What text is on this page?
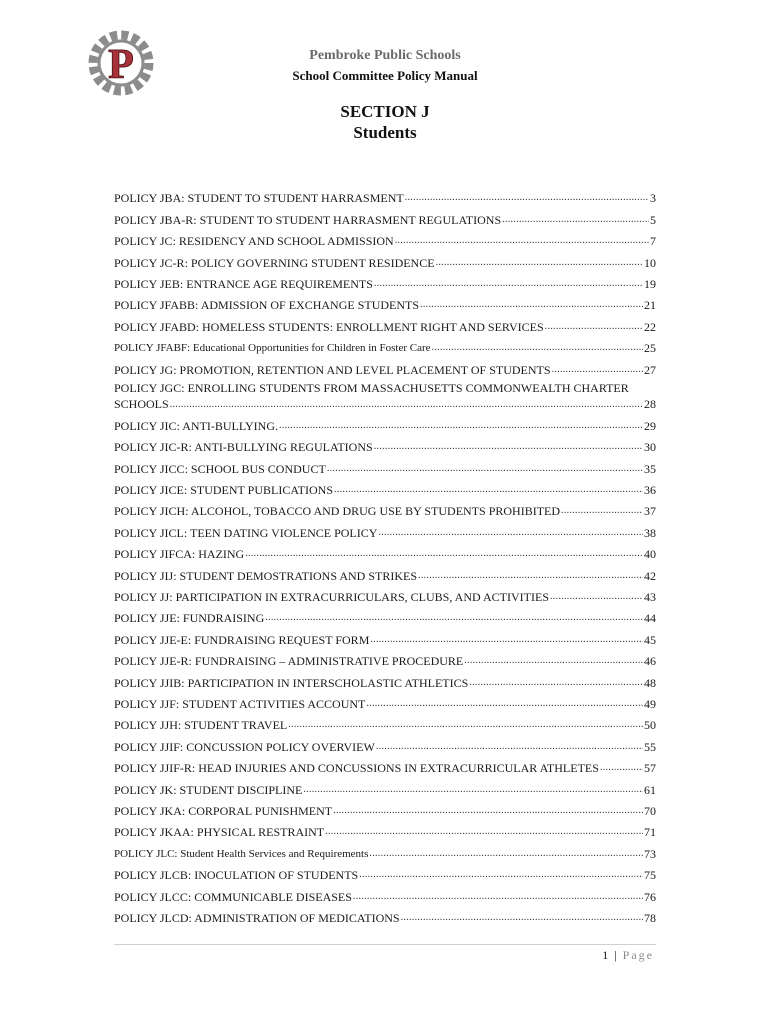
P	Pembroke Public Schools
School Committee Policy Manual
SECTION J
Students
POLICY JBA: STUDENT TO STUDENT HARRASMENT .....	3
POLICY JBA-R: STUDENT TO STUDENT HARRASMENT REGULATIONS .....	5
POLICY JC: RESIDENCY AND SCHOOL ADMISSION .....	7
POLICY JC-R: POLICY GOVERNING STUDENT RESIDENCE .....	10
POLICY JEB: ENTRANCE AGE REQUIREMENTS .....	19
POLICY JFABB: ADMISSION OF EXCHANGE STUDENTS .....	21
POLICY JFABD: HOMELESS STUDENTS: ENROLLMENT RIGHT AND SERVICES .....	22
POLICY JFABF: Educational Opportunities for Children in Foster Care .....	25
POLICY JG: PROMOTION, RETENTION AND LEVEL PLACEMENT OF STUDENTS .....	27
POLICY JGC: ENROLLING STUDENTS FROM MASSACHUSETTS COMMONWEALTH CHARTER
SCHOOLS .....	28
POLICY JIC: ANTI-BULLYING. .....	29
POLICY JIC-R: ANTI-BULLYING REGULATIONS .....	30
POLICY JICC: SCHOOL BUS CONDUCT .....	35
POLICY JICE: STUDENT PUBLICATIONS .....	36
POLICY JICH: ALCOHOL, TOBACCO AND DRUG USE BY STUDENTS PROHIBITED .....	37
POLICY JICL: TEEN DATING VIOLENCE POLICY .....	38
POLICY JIFCA: HAZING .....	40
POLICY JIJ: STUDENT DEMOSTRATIONS AND STRIKES .....	42
POLICY JJ: PARTICIPATION IN EXTRACURRICULARS, CLUBS, AND ACTIVITIES .....	43
POLICY JJE: FUNDRAISING .....	44
POLICY JJE-E: FUNDRAISING REQUEST FORM .....	45
POLICY JJE-R: FUNDRAISING – ADMINISTRATIVE PROCEDURE .....	46
POLICY JJIB: PARTICIPATION IN INTERSCHOLASTIC ATHLETICS .....	48
POLICY JJF: STUDENT ACTIVITIES ACCOUNT .....	49
POLICY JJH: STUDENT TRAVEL .....	50
POLICY JJIF: CONCUSSION POLICY OVERVIEW .....	55
POLICY JJIF-R: HEAD INJURIES AND CONCUSSIONS IN EXTRACURRICULAR ATHLETES .....	57
POLICY JK: STUDENT DISCIPLINE .....	61
POLICY JKA: CORPORAL PUNISHMENT .....	70
POLICY JKAA: PHYSICAL RESTRAINT .....	71
POLICY JLC: Student Health Services and Requirements .....	73
POLICY JLCB: INOCULATION OF STUDENTS .....	75
POLICY JLCC: COMMUNICABLE DISEASES .....	76
POLICY JLCD: ADMINISTRATION OF MEDICATIONS .....	78
1 | Page
